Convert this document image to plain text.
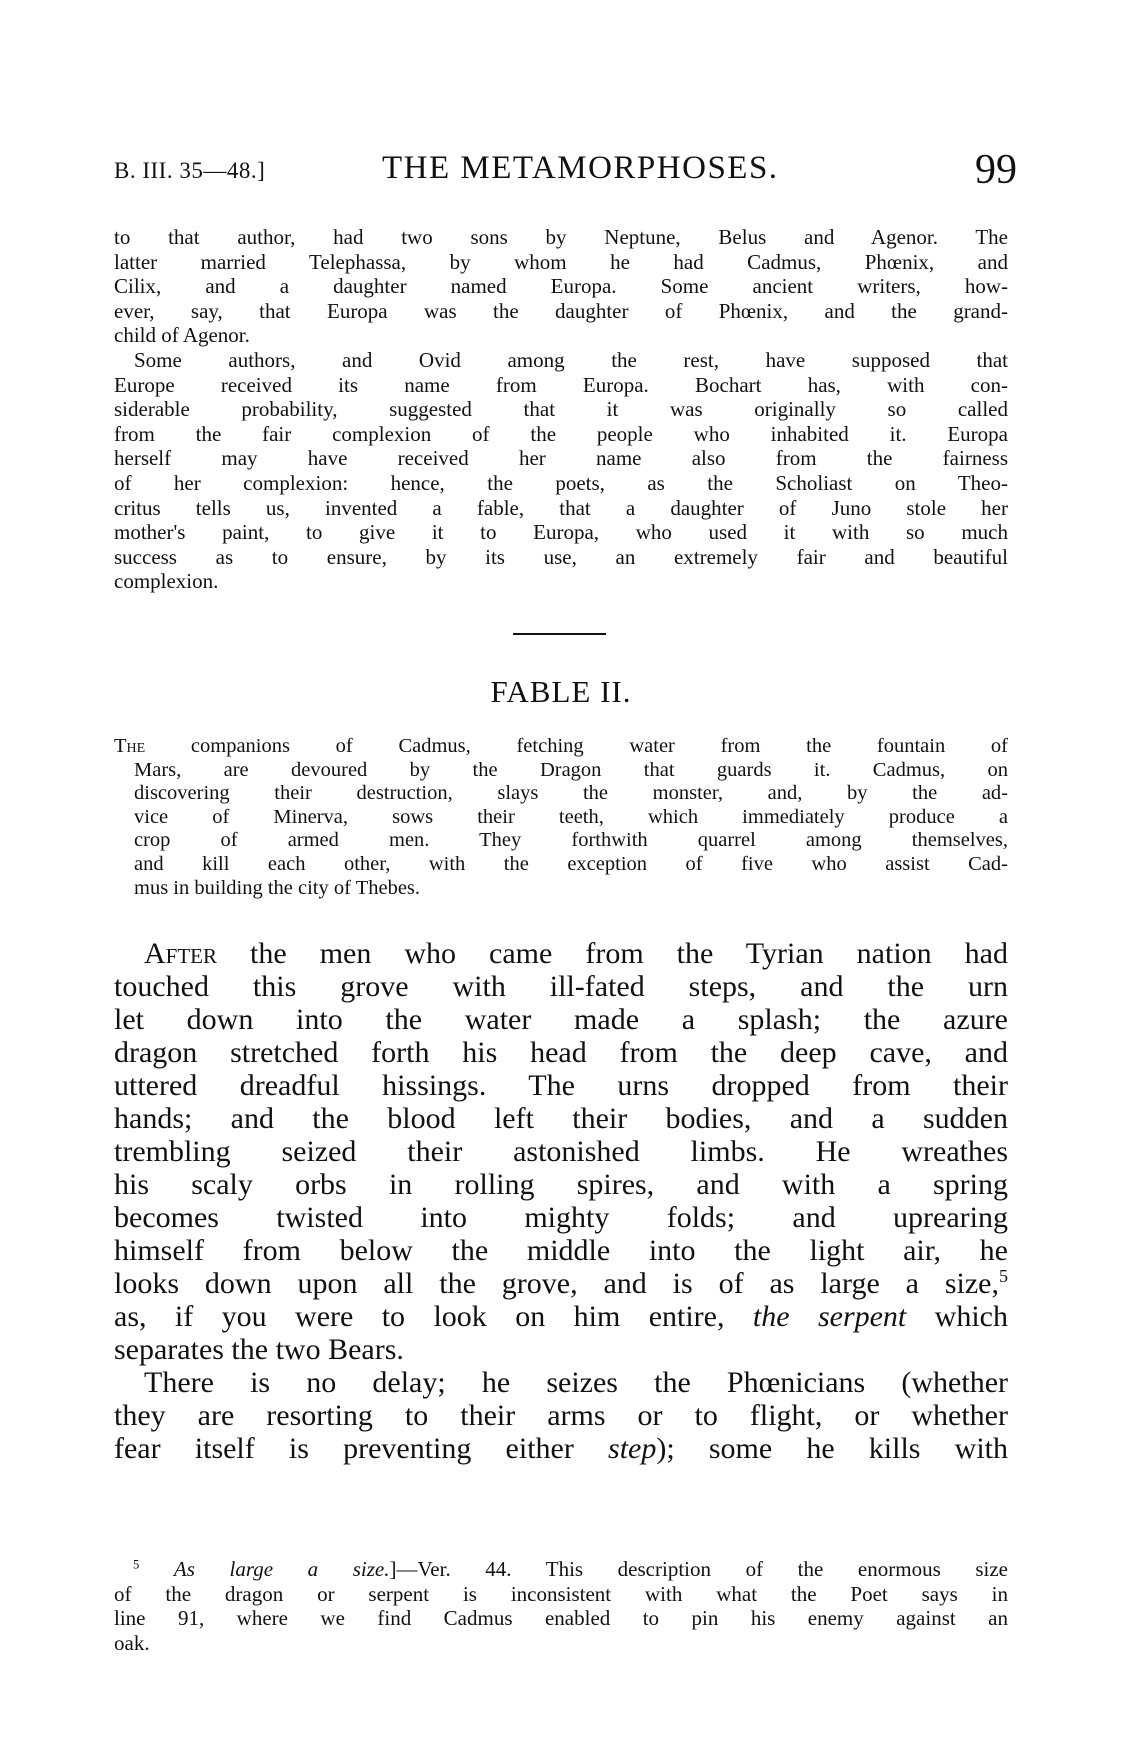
B. III. 35—48.]	THE METAMORPHOSES.	99
to that author, had two sons by Neptune, Belus and Agenor. The
latter married Telephassa, by whom he had Cadmus, Phœnix, and
Cilix, and a daughter named Europa. Some ancient writers, how-
ever, say, that Europa was the daughter of Phœnix, and the grand-
child of Agenor.
Some authors, and Ovid among the rest, have supposed that
Europe received its name from Europa. Bochart has, with con-
siderable probability, suggested that it was originally so called
from the fair complexion of the people who inhabited it. Europa
herself may have received her name also from the fairness
of her complexion: hence, the poets, as the Scholiast on Theo-
critus tells us, invented a fable, that a daughter of Juno stole her
mother's paint, to give it to Europa, who used it with so much
success as to ensure, by its use, an extremely fair and beautiful
complexion.
FABLE II.
The companions of Cadmus, fetching water from the fountain of
Mars, are devoured by the Dragon that guards it. Cadmus, on
discovering their destruction, slays the monster, and, by the ad-
vice of Minerva, sows their teeth, which immediately produce a
crop of armed men. They forthwith quarrel among themselves,
and kill each other, with the exception of five who assist Cad-
mus in building the city of Thebes.
After the men who came from the Tyrian nation had
touched this grove with ill-fated steps, and the urn
let down into the water made a splash; the azure
dragon stretched forth his head from the deep cave, and
uttered dreadful hissings. The urns dropped from their
hands; and the blood left their bodies, and a sudden
trembling seized their astonished limbs. He wreathes
his scaly orbs in rolling spires, and with a spring
becomes twisted into mighty folds; and uprearing
himself from below the middle into the light air, he
looks down upon all the grove, and is of as large a size,$^5$
as, if you were to look on him entire, the serpent which
separates the two Bears.
There is no delay; he seizes the Phœnicians (whether
they are resorting to their arms or to flight, or whether
fear itself is preventing either step); some he kills with
$^5$ As large a size.]—Ver. 44. This description of the enormous size
of the dragon or serpent is inconsistent with what the Poet says in
line 91, where we find Cadmus enabled to pin his enemy against an
oak.
